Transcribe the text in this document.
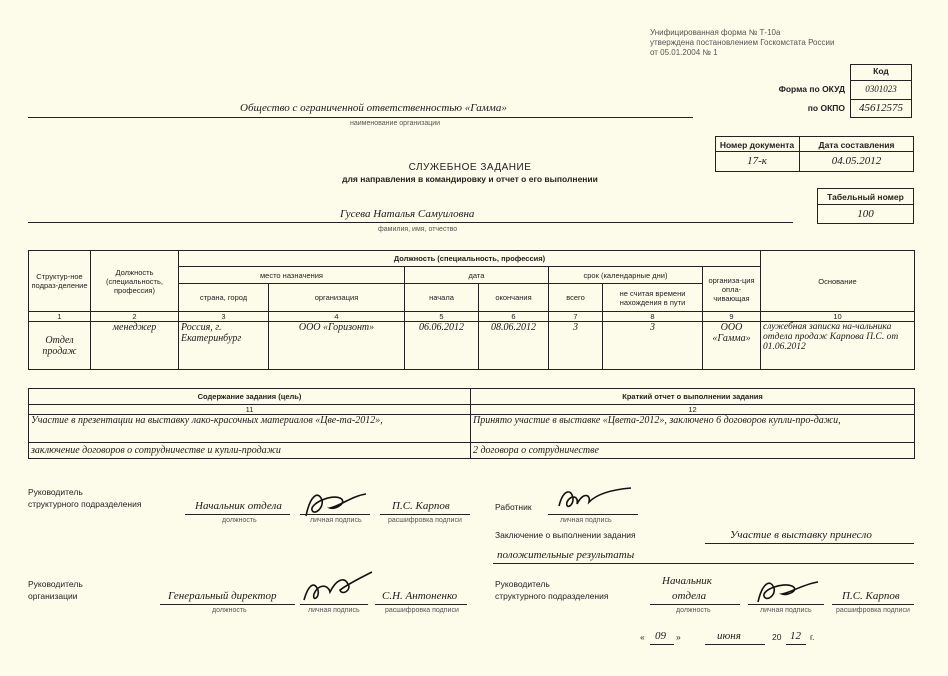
Унифицированная форма № Т-10а
утверждена постановлением Госкомстата России
от 05.01.2004 № 1
Код
Форма по ОКУД	0301023
по ОКПО	45612575
Общество с ограниченной ответственностью «Гамма»
наименование организации
Номер документа	Дата составления
17-к	04.05.2012
СЛУЖЕБНОЕ ЗАДАНИЕ
для направления в командировку и отчет о его выполнении
Табельный номер
100
Гусева Наталья Самуиловна
фамилия, имя, отчество
Структур-ное подраз-деление	Должность (специальность, профессия)	Должность (специальность, профессия)							Основание
		место назначения		дата		срок (календарные дни)		организа-ция опла-чивающая	
		страна, город	организация	начала	окончания	всего	не считая времени нахождения в пути		
1	2	3	4	5	6	7	8	9	10
Отдел продаж	менеджер	Россия, г. Екатеринбург	ООО «Горизонт»	06.06.2012	08.06.2012	3	3	ООО «Гамма»	служебная записка на-чальника отдела продаж Карпова П.С. от 01.06.2012
Содержание задания (цель)	Краткий отчет о выполнении задания
11	12
Участие в презентации на выставку лако-красочных материалов «Цве-та-2012»,	Принято участие в выставке «Цвета-2012», заключено 6 договоров купли-про-дажи,
заключение договоров о сотрудничестве и купли-продажи	2 договора о сотрудничестве
Руководитель
структурного подразделения	Начальник отдела
должность	личная подпись
П.С. Карпов
расшифровка подписи
Работник
личная подпись
Заключение о выполнении задания	Участие в выставку принесло
положительные результаты
Руководитель
организации	Генеральный директор
должность	личная подпись
С.Н. Антоненко
расшифровка подписи
Руководитель
структурного подразделения
Начальник
отдела
должность	личная подпись
П.С. Карпов
расшифровка подписи
« 09 »	июня	20 12 г.
